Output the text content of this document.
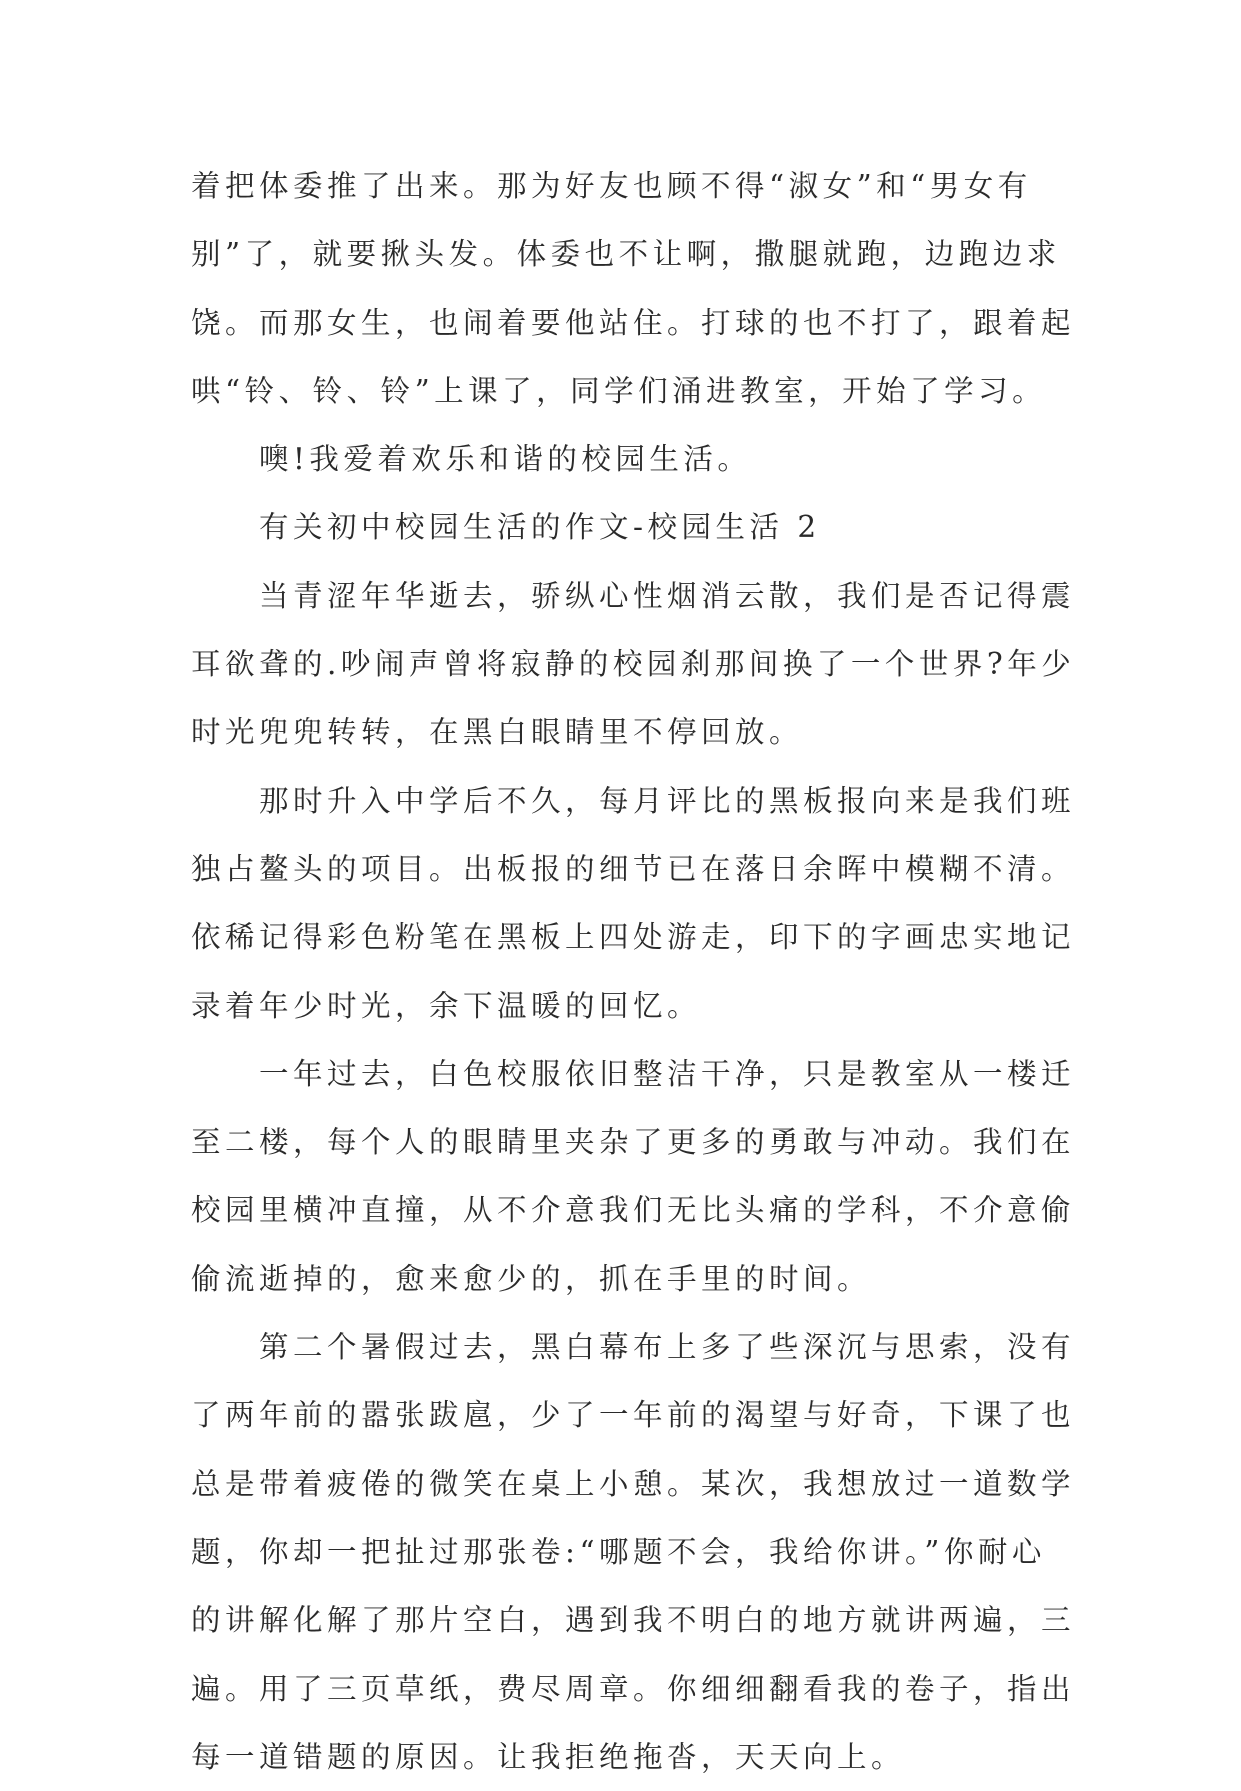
着把体委推了出来。那为好友也顾不得“淑女”和“男女有
别”了，就要揪头发。体委也不让啊，撒腿就跑，边跑边求
饶。而那女生，也闹着要他站住。打球的也不打了，跟着起
哄“铃、铃、铃”上课了，同学们涌进教室，开始了学习。
噢!我爱着欢乐和谐的校园生活。
有关初中校园生活的作文-校园生活 2
当青涩年华逝去，骄纵心性烟消云散，我们是否记得震
耳欲聋的.吵闹声曾将寂静的校园刹那间换了一个世界?年少
时光兜兜转转，在黑白眼睛里不停回放。
那时升入中学后不久，每月评比的黑板报向来是我们班
独占鳌头的项目。出板报的细节已在落日余晖中模糊不清。
依稀记得彩色粉笔在黑板上四处游走，印下的字画忠实地记
录着年少时光，余下温暖的回忆。
一年过去，白色校服依旧整洁干净，只是教室从一楼迁
至二楼，每个人的眼睛里夹杂了更多的勇敢与冲动。我们在
校园里横冲直撞，从不介意我们无比头痛的学科，不介意偷
偷流逝掉的，愈来愈少的，抓在手里的时间。
第二个暑假过去，黑白幕布上多了些深沉与思索，没有
了两年前的嚣张跋扈，少了一年前的渴望与好奇，下课了也
总是带着疲倦的微笑在桌上小憩。某次，我想放过一道数学
题，你却一把扯过那张卷:“哪题不会，我给你讲。”你耐心
的讲解化解了那片空白，遇到我不明白的地方就讲两遍，三
遍。用了三页草纸，费尽周章。你细细翻看我的卷子，指出
每一道错题的原因。让我拒绝拖沓，天天向上。
